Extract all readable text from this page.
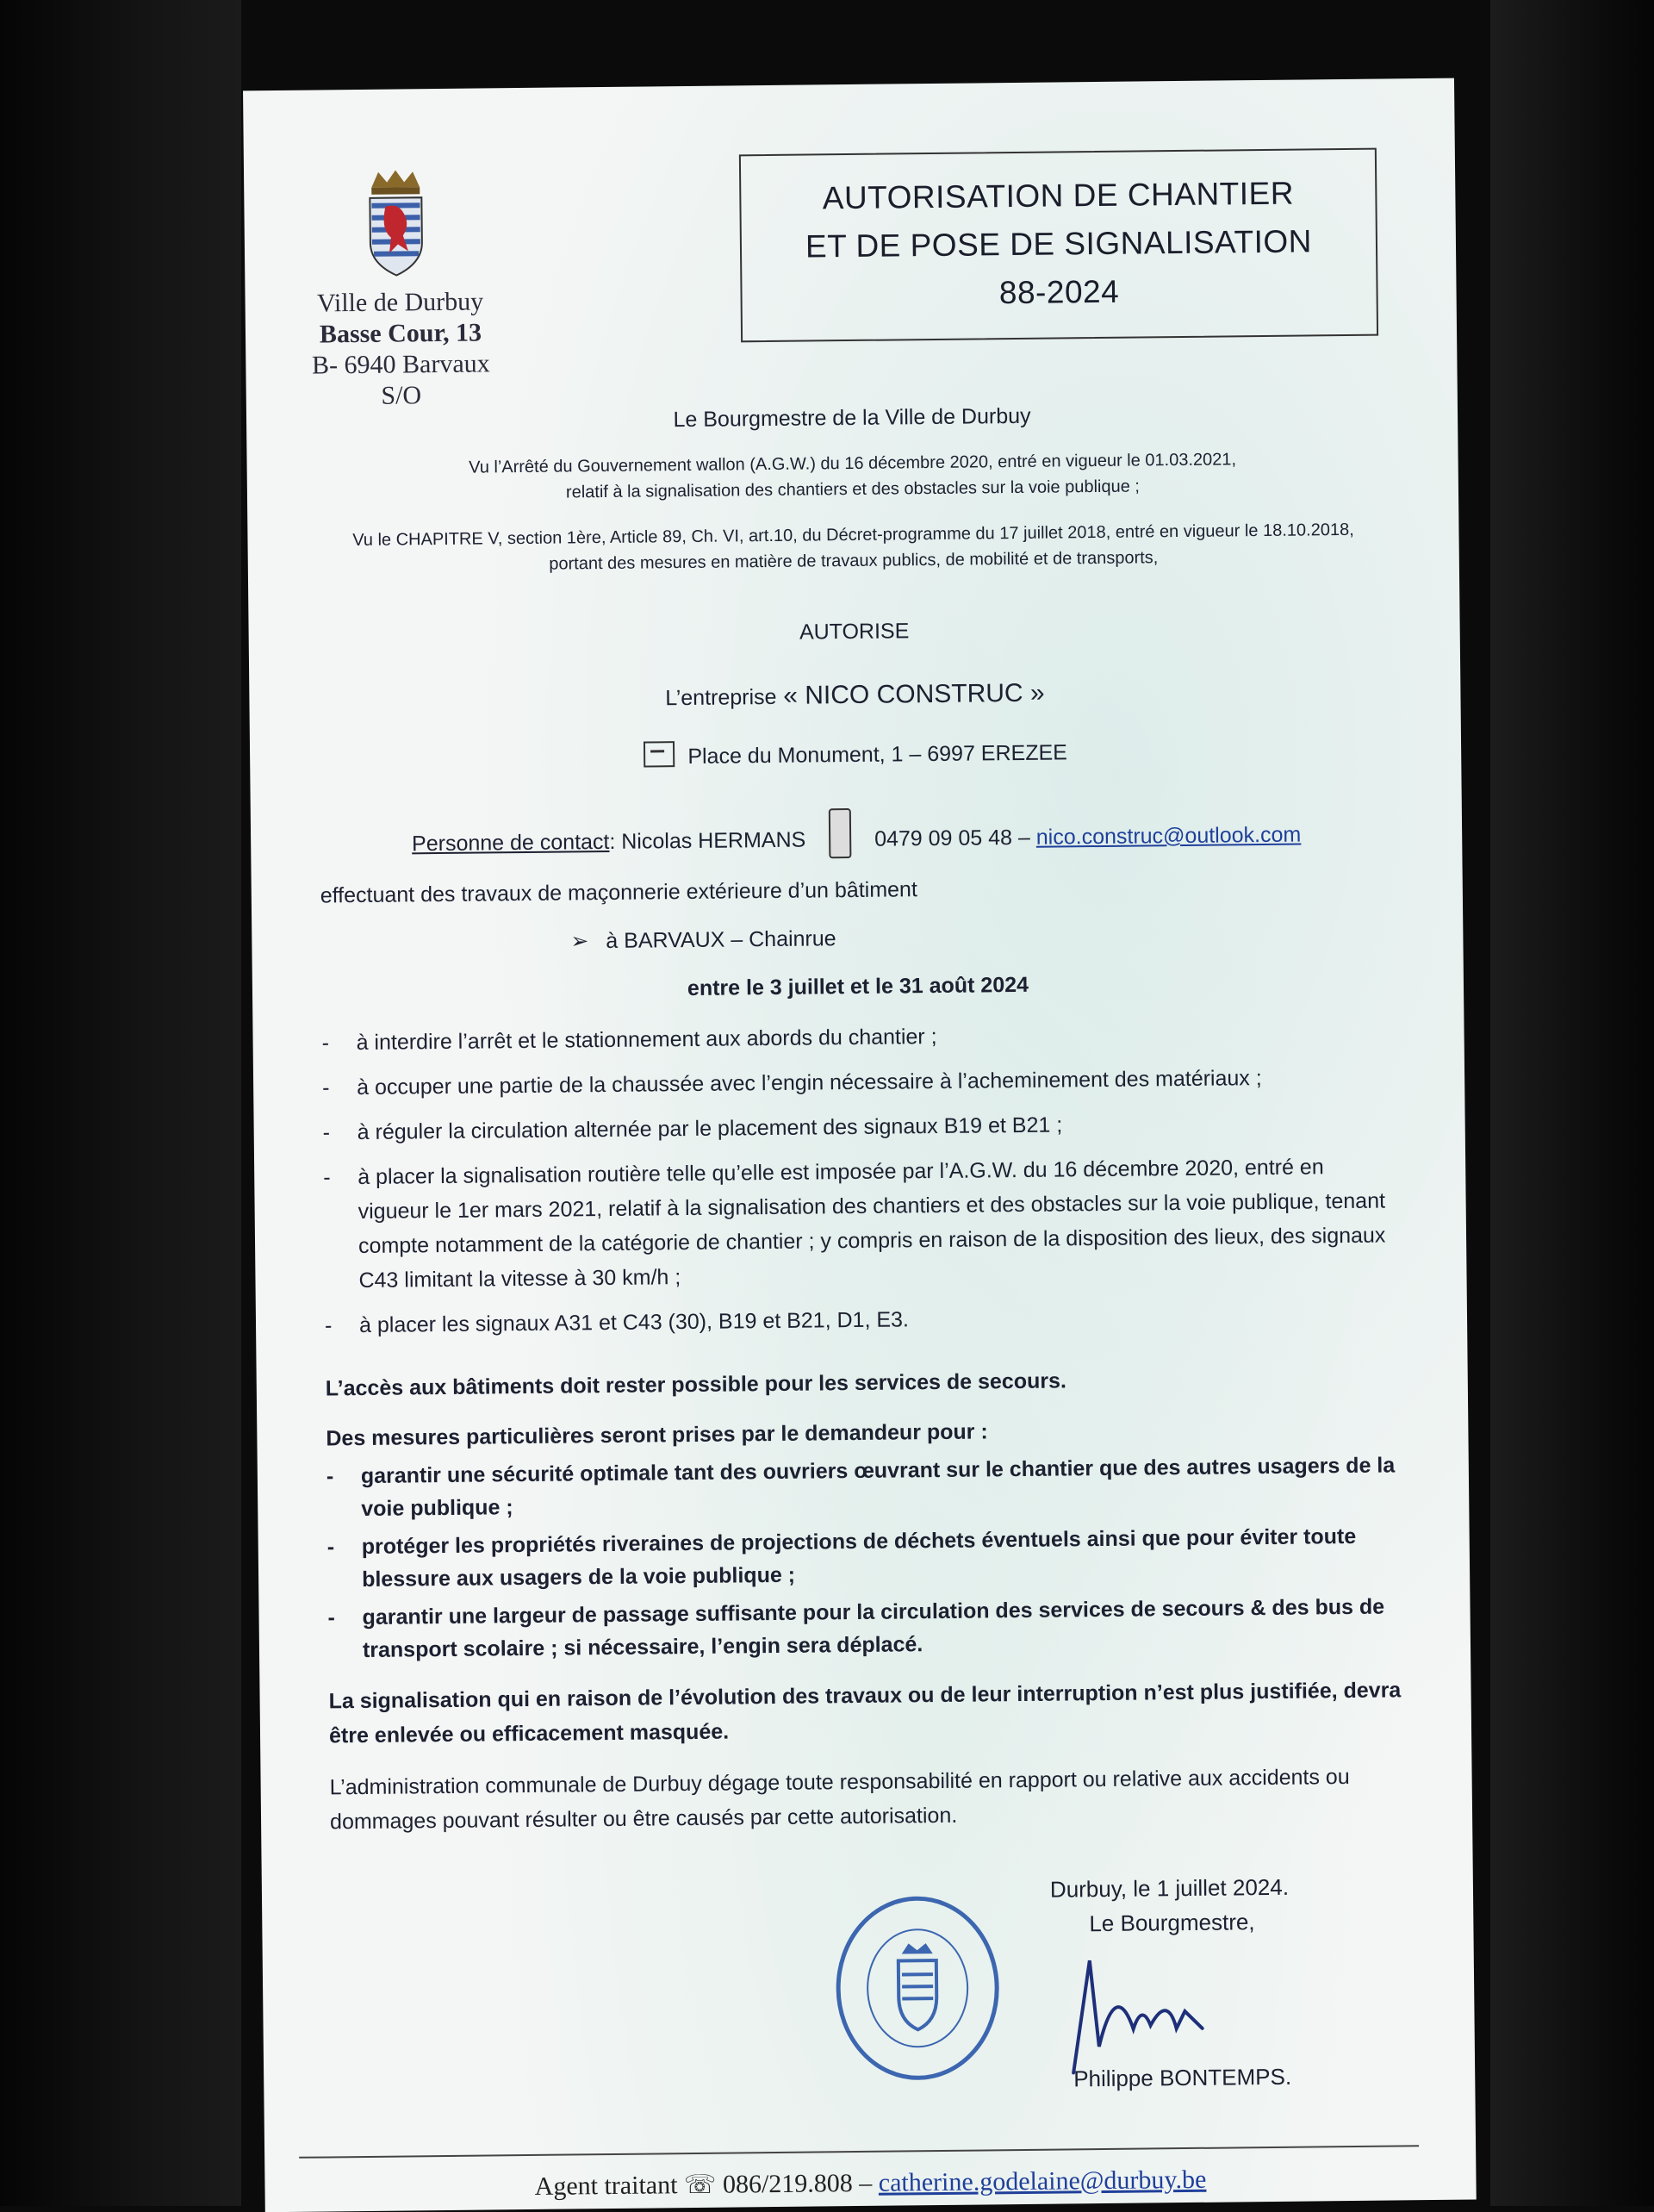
Ville de Durbuy
Basse Cour, 13
B- 6940 Barvaux S/O
AUTORISATION DE CHANTIER
ET DE POSE DE SIGNALISATION
88-2024
Le Bourgmestre de la Ville de Durbuy
Vu l’Arrêté du Gouvernement wallon (A.G.W.) du 16 décembre 2020, entré en vigueur le 01.03.2021,
relatif à la signalisation des chantiers et des obstacles sur la voie publique ;
Vu le CHAPITRE V, section 1ère, Article 89, Ch. VI, art.10, du Décret-programme du 17 juillet 2018, entré en vigueur le 18.10.2018,
portant des mesures en matière de travaux publics, de mobilité et de transports,
AUTORISE
L’entreprise « NICO CONSTRUC »
Place du Monument, 1 – 6997 EREZEE
Personne de contact: Nicolas HERMANS	0479 09 05 48 – nico.construc@outlook.com
effectuant des travaux de maçonnerie extérieure d’un bâtiment
➢ à BARVAUX – Chainrue
entre le 3 juillet et le 31 août 2024
-	à interdire l’arrêt et le stationnement aux abords du chantier ;
-	à occuper une partie de la chaussée avec l’engin nécessaire à l’acheminement des matériaux ;
-	à réguler la circulation alternée par le placement des signaux B19 et B21 ;
-	à placer la signalisation routière telle qu’elle est imposée par l’A.G.W. du 16 décembre 2020, entré en vigueur le 1er mars 2021, relatif à la signalisation des chantiers et des obstacles sur la voie publique, tenant compte notamment de la catégorie de chantier ; y compris en raison de la disposition des lieux, des signaux C43 limitant la vitesse à 30 km/h ;
-	à placer les signaux A31 et C43 (30), B19 et B21, D1, E3.
L’accès aux bâtiments doit rester possible pour les services de secours.
Des mesures particulières seront prises par le demandeur pour :
-	garantir une sécurité optimale tant des ouvriers œuvrant sur le chantier que des autres usagers de la voie publique ;
-	protéger les propriétés riveraines de projections de déchets éventuels ainsi que pour éviter toute blessure aux usagers de la voie publique ;
-	garantir une largeur de passage suffisante pour la circulation des services de secours & des bus de transport scolaire ; si nécessaire, l’engin sera déplacé.
La signalisation qui en raison de l’évolution des travaux ou de leur interruption n’est plus justifiée, devra être enlevée ou efficacement masquée.
L’administration communale de Durbuy dégage toute responsabilité en rapport ou relative aux accidents ou dommages pouvant résulter ou être causés par cette autorisation.
Durbuy, le 1 juillet 2024.
Le Bourgmestre,
Philippe BONTEMPS.
Agent traitant ☏ 086/219.808 – catherine.godelaine@durbuy.be
